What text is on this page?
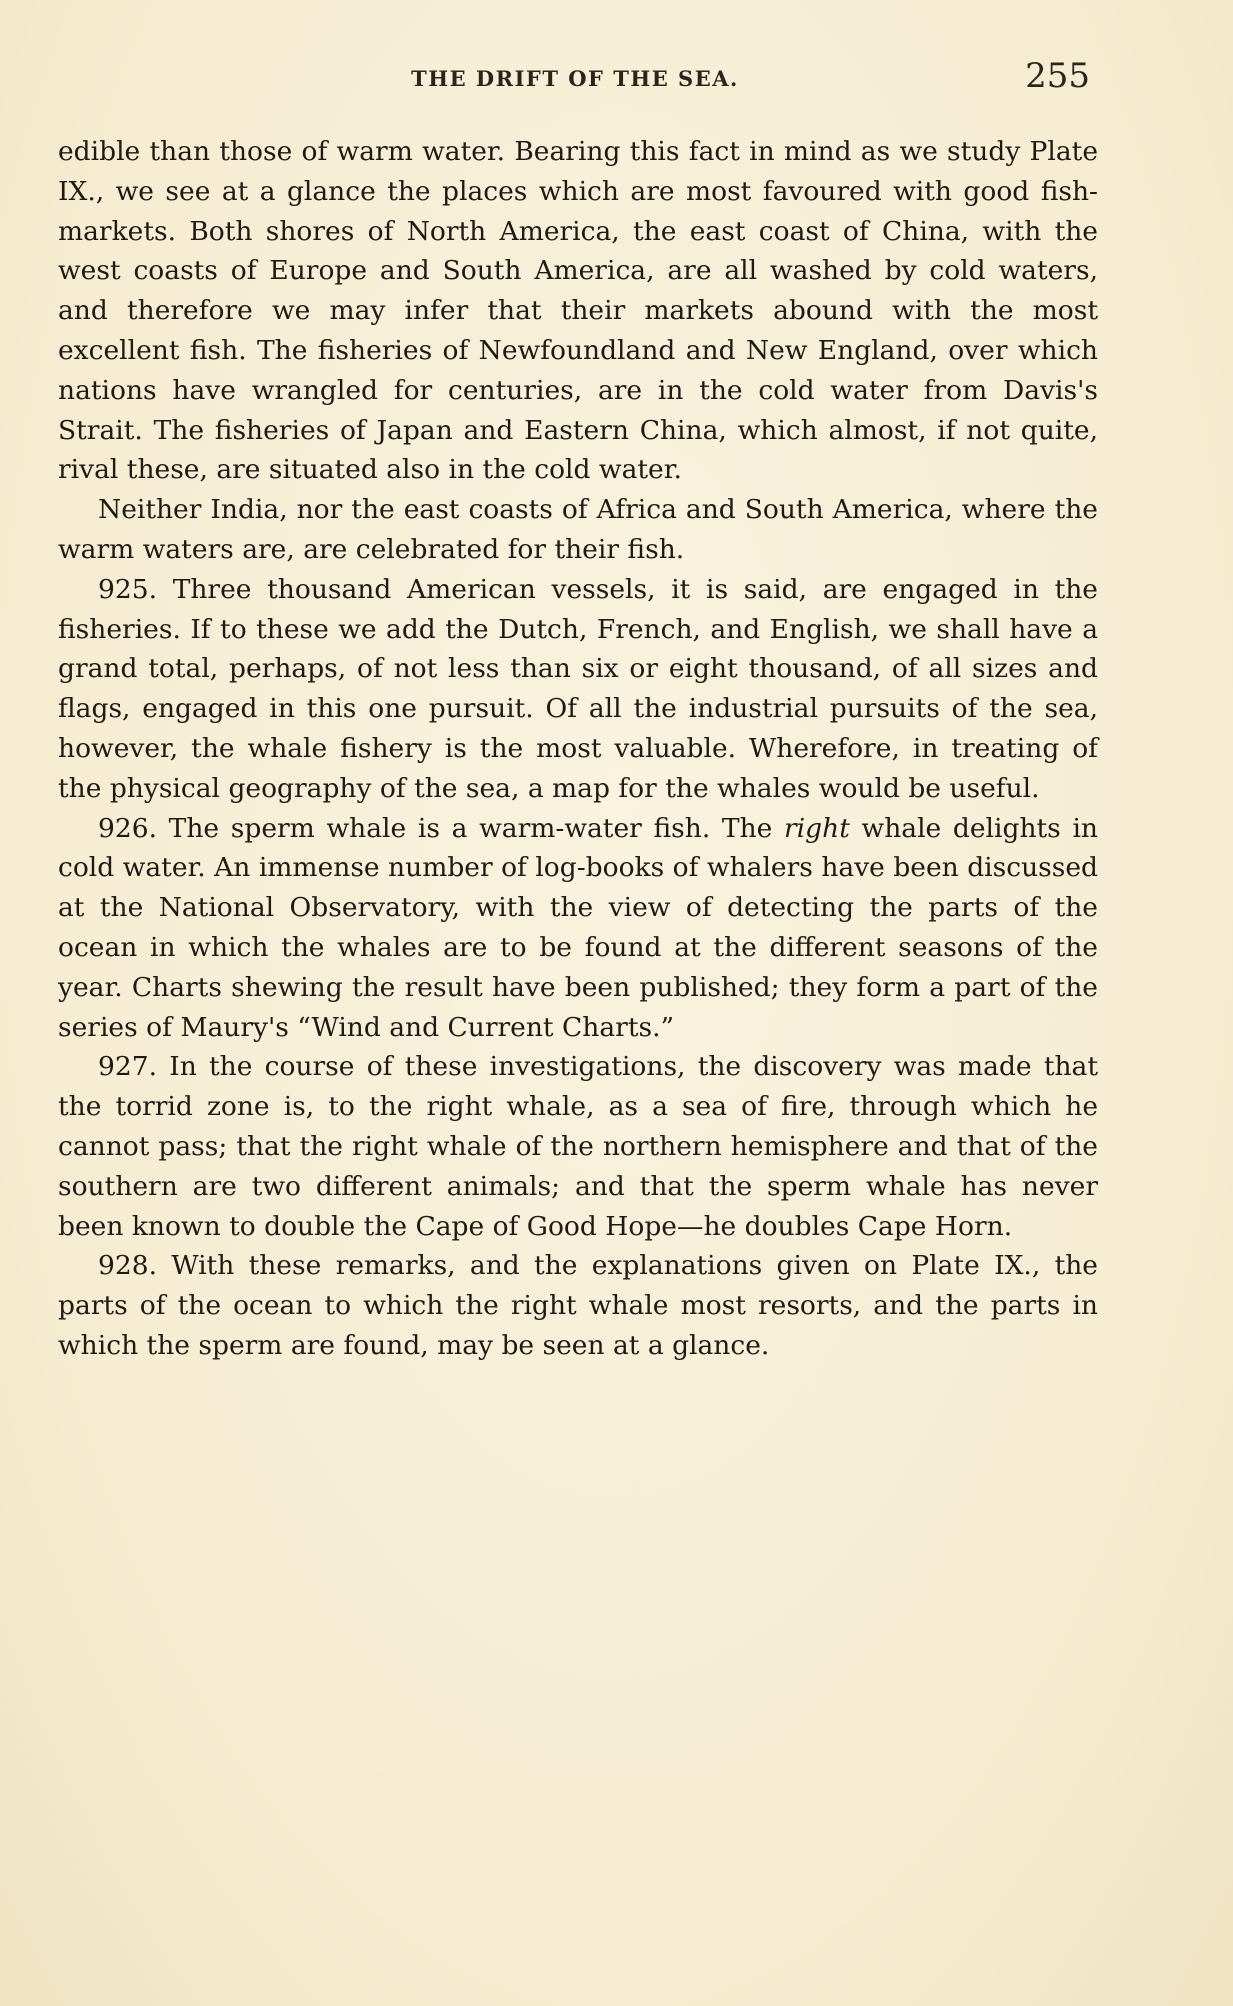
THE DRIFT OF THE SEA.	255

edible than those of warm water. Bearing this fact in mind as we study Plate IX., we see at a glance the places which are most favoured with good fish-markets. Both shores of North America, the east coast of China, with the west coasts of Europe and South America, are all washed by cold waters, and therefore we may infer that their markets abound with the most excellent fish. The fisheries of Newfoundland and New England, over which nations have wrangled for centuries, are in the cold water from Davis's Strait. The fisheries of Japan and Eastern China, which almost, if not quite, rival these, are situated also in the cold water.

Neither India, nor the east coasts of Africa and South America, where the warm waters are, are celebrated for their fish.

925. Three thousand American vessels, it is said, are engaged in the fisheries. If to these we add the Dutch, French, and English, we shall have a grand total, perhaps, of not less than six or eight thousand, of all sizes and flags, engaged in this one pursuit. Of all the industrial pursuits of the sea, however, the whale fishery is the most valuable. Wherefore, in treating of the physical geography of the sea, a map for the whales would be useful.

926. The sperm whale is a warm-water fish. The right whale delights in cold water. An immense number of log-books of whalers have been discussed at the National Observatory, with the view of detecting the parts of the ocean in which the whales are to be found at the different seasons of the year. Charts shewing the result have been published; they form a part of the series of Maury's “Wind and Current Charts.”

927. In the course of these investigations, the discovery was made that the torrid zone is, to the right whale, as a sea of fire, through which he cannot pass; that the right whale of the northern hemisphere and that of the southern are two different animals; and that the sperm whale has never been known to double the Cape of Good Hope—he doubles Cape Horn.

928. With these remarks, and the explanations given on Plate IX., the parts of the ocean to which the right whale most resorts, and the parts in which the sperm are found, may be seen at a glance.
